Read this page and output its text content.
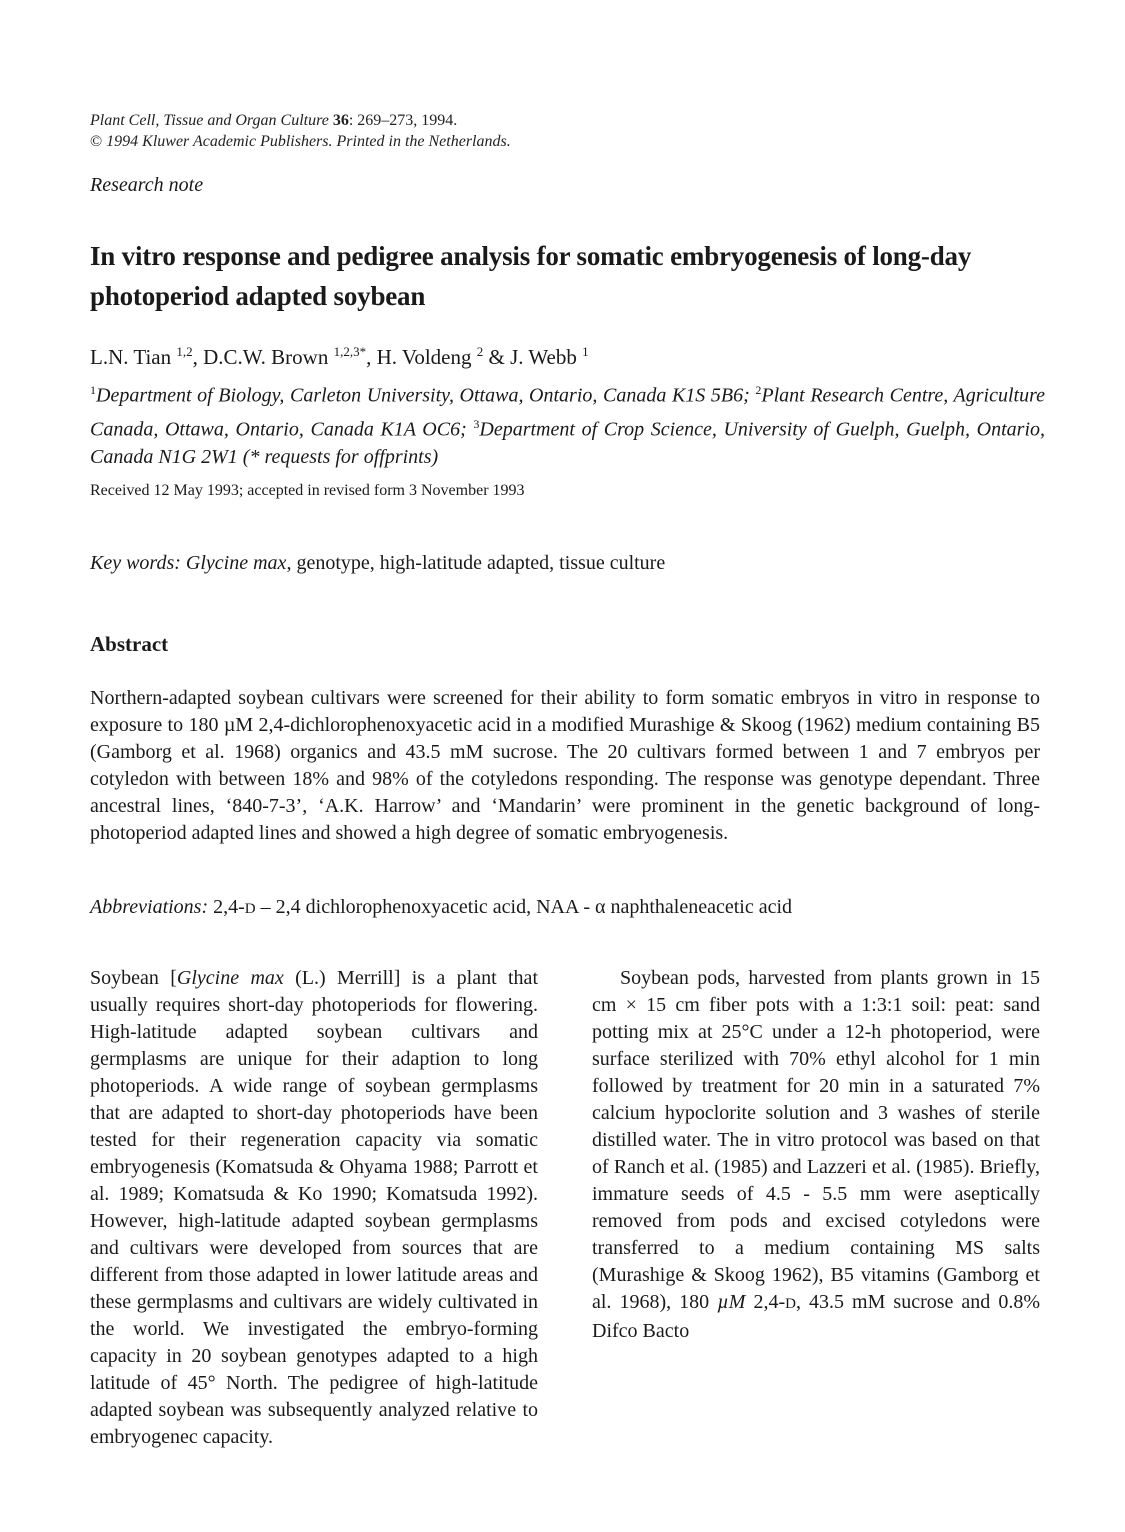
Plant Cell, Tissue and Organ Culture 36: 269–273, 1994.
© 1994 Kluwer Academic Publishers. Printed in the Netherlands.
Research note
In vitro response and pedigree analysis for somatic embryogenesis of long-day photoperiod adapted soybean
L.N. Tian $^{1,2}$, D.C.W. Brown $^{1,2,3*}$, H. Voldeng $^2$ & J. Webb $^1$
$^1$Department of Biology, Carleton University, Ottawa, Ontario, Canada K1S 5B6; $^2$Plant Research Centre, Agriculture Canada, Ottawa, Ontario, Canada K1A OC6; $^3$Department of Crop Science, University of Guelph, Guelph, Ontario, Canada N1G 2W1 (* requests for offprints)
Received 12 May 1993; accepted in revised form 3 November 1993
Key words: Glycine max, genotype, high-latitude adapted, tissue culture
Abstract
Northern-adapted soybean cultivars were screened for their ability to form somatic embryos in vitro in response to exposure to 180 µM 2,4-dichlorophenoxyacetic acid in a modified Murashige & Skoog (1962) medium containing B5 (Gamborg et al. 1968) organics and 43.5 mM sucrose. The 20 cultivars formed between 1 and 7 embryos per cotyledon with between 18% and 98% of the cotyledons responding. The response was genotype dependant. Three ancestral lines, ‘840-7-3’, ‘A.K. Harrow’ and ‘Mandarin’ were prominent in the genetic background of long-photoperiod adapted lines and showed a high degree of somatic embryogenesis.
Abbreviations: 2,4-D – 2,4 dichlorophenoxyacetic acid, NAA - α naphthaleneacetic acid

Soybean [Glycine max (L.) Merrill] is a plant that usually requires short-day photoperiods for flowering. High-latitude adapted soybean cultivars and germplasms are unique for their adaption to long photoperiods. A wide range of soybean germplasms that are adapted to short-day photoperiods have been tested for their regeneration capacity via somatic embryogenesis (Komatsuda & Ohyama 1988; Parrott et al. 1989; Komatsuda & Ko 1990; Komatsuda 1992). However, high-latitude adapted soybean germplasms and cultivars were developed from sources that are different from those adapted in lower latitude areas and these germplasms and cultivars are widely cultivated in the world. We investigated the embryo-forming capacity in 20 soybean genotypes adapted to a high latitude of 45° North. The pedigree of high-latitude adapted soybean was subsequently analyzed relative to embryogenec capacity.

Soybean pods, harvested from plants grown in 15 cm × 15 cm fiber pots with a 1:3:1 soil: peat: sand potting mix at 25°C under a 12-h photoperiod, were surface sterilized with 70% ethyl alcohol for 1 min followed by treatment for 20 min in a saturated 7% calcium hypoclorite solution and 3 washes of sterile distilled water. The in vitro protocol was based on that of Ranch et al. (1985) and Lazzeri et al. (1985). Briefly, immature seeds of 4.5 - 5.5 mm were aseptically removed from pods and excised cotyledons were transferred to a medium containing MS salts (Murashige & Skoog 1962), B5 vitamins (Gamborg et al. 1968), 180 µM 2,4-D, 43.5 mM sucrose and 0.8% Difco Bacto
